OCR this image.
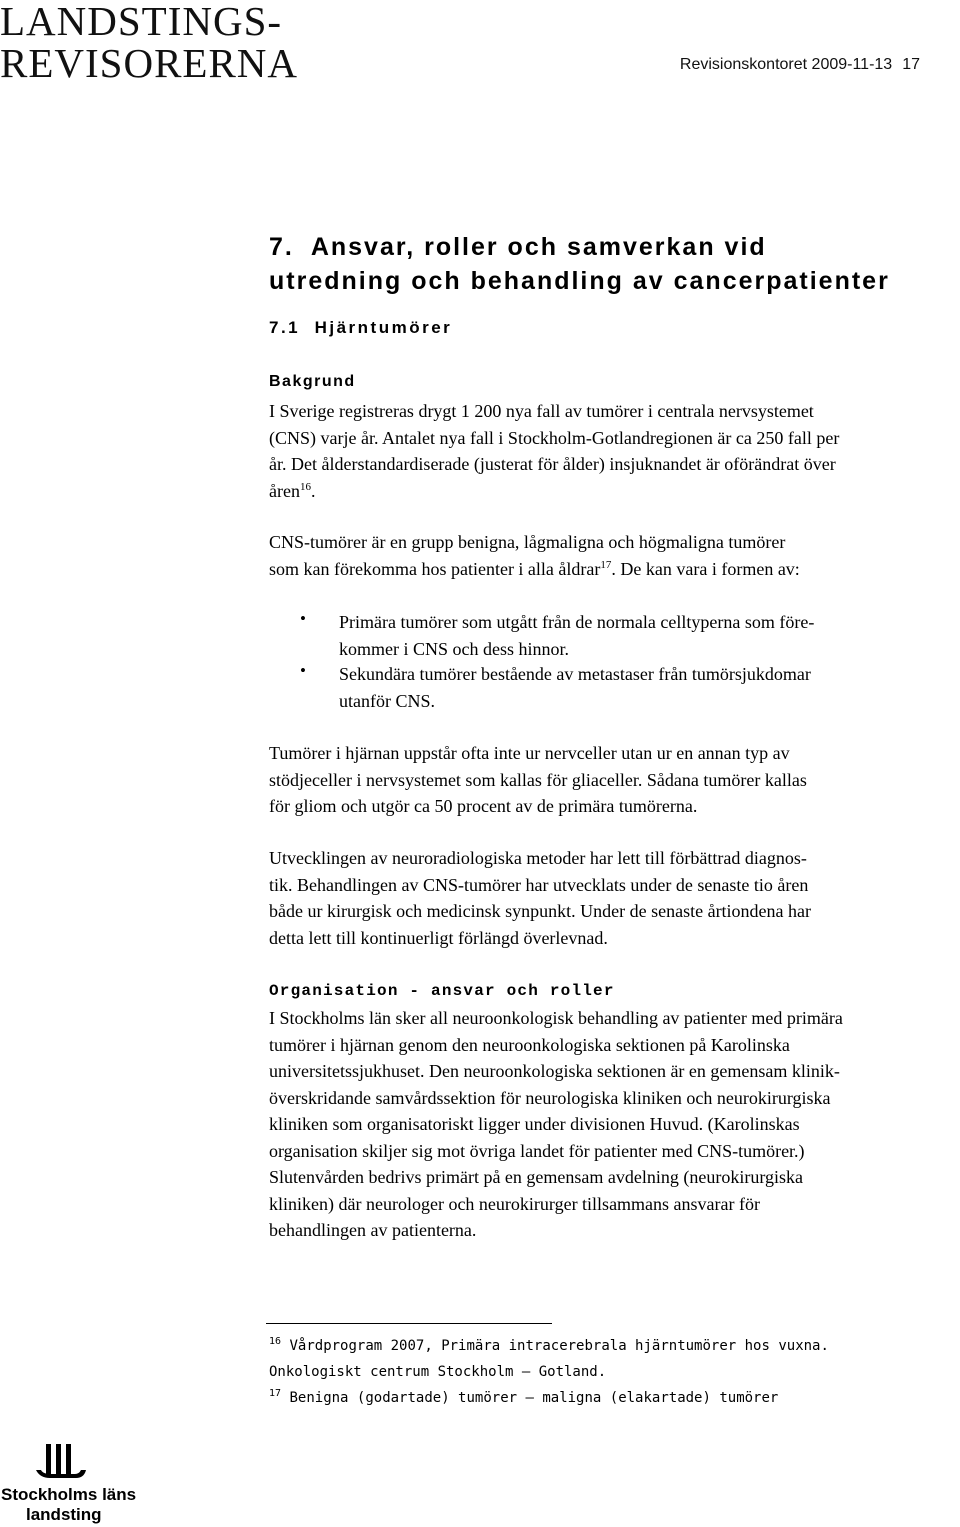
LANDSTINGS-
REVISORERNA	Revisionskontoret 2009-11-13 17
7.  Ansvar, roller och samverkan vid
utredning och behandling av cancerpatienter
7.1  Hjärntumörer
Bakgrund
I Sverige registreras drygt 1 200 nya fall av tumörer i centrala nervsystemet
(CNS) varje år. Antalet nya fall i Stockholm-Gotlandregionen är ca 250 fall per
år. Det ålderstandardiserade (justerat för ålder) insjuknandet är oförändrat över
åren$^{16}$.
CNS-tumörer är en grupp benigna, lågmaligna och högmaligna tumörer
som kan förekomma hos patienter i alla åldrar$^{17}$. De kan vara i formen av:
• Primära tumörer som utgått från de normala celltyperna som före-
kommer i CNS och dess hinnor.
• Sekundära tumörer bestående av metastaser från tumörsjukdomar
utanför CNS.
Tumörer i hjärnan uppstår ofta inte ur nervceller utan ur en annan typ av
stödjeceller i nervsystemet som kallas för gliaceller. Sådana tumörer kallas
för gliom och utgör ca 50 procent av de primära tumörerna.
Utvecklingen av neuroradiologiska metoder har lett till förbättrad diagnos-
tik. Behandlingen av CNS-tumörer har utvecklats under de senaste tio åren
både ur kirurgisk och medicinsk synpunkt. Under de senaste årtiondena har
detta lett till kontinuerligt förlängd överlevnad.
Organisation - ansvar och roller
I Stockholms län sker all neuroonkologisk behandling av patienter med primära
tumörer i hjärnan genom den neuroonkologiska sektionen på Karolinska
universitetssjukhuset. Den neuroonkologiska sektionen är en gemensam klinik-
överskridande samvårdssektion för neurologiska kliniken och neurokirurgiska
kliniken som organisatoriskt ligger under divisionen Huvud. (Karolinskas
organisation skiljer sig mot övriga landet för patienter med CNS-tumörer.)
Slutenvården bedrivs primärt på en gemensam avdelning (neurokirurgiska
kliniken) där neurologer och neurokirurger tillsammans ansvarar för
behandlingen av patienterna.
$^{16}$ Vårdprogram 2007, Primära intracerebrala hjärntumörer hos vuxna.
Onkologiskt centrum Stockholm – Gotland.
$^{17}$ Benigna (godartade) tumörer – maligna (elakartade) tumörer
Stockholms läns
landsting
